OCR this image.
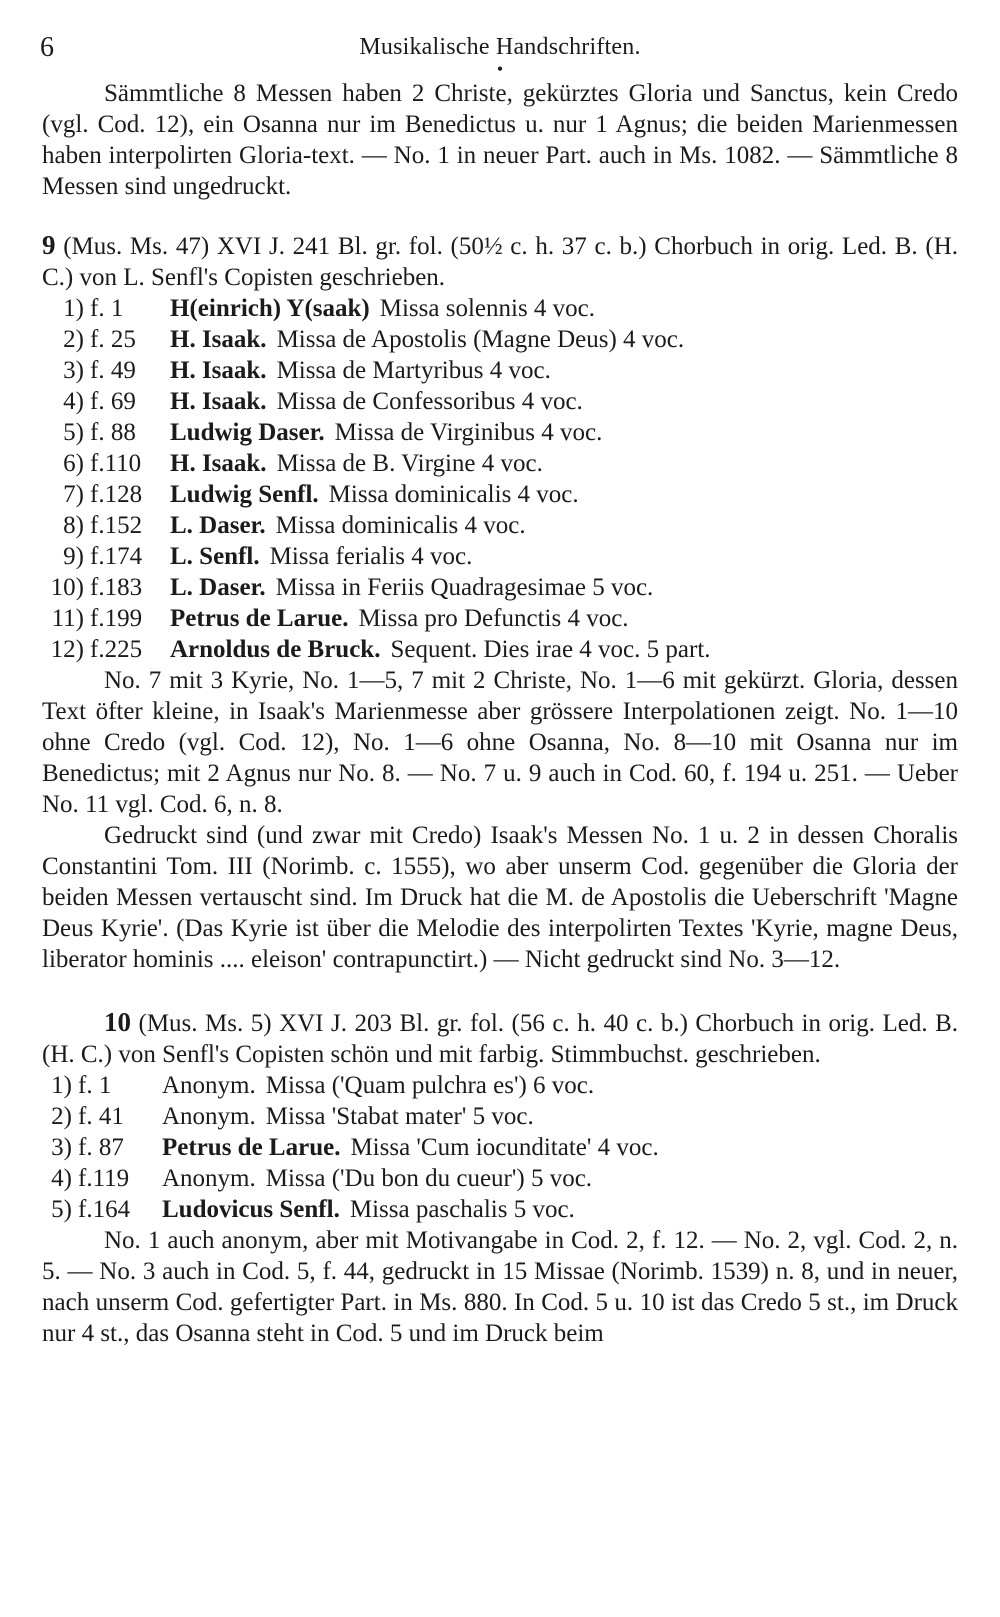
6	Musikalische Handschriften.
•

Sämmtliche 8 Messen haben 2 Christe, gekürztes Gloria und Sanctus, kein Credo (vgl. Cod. 12), ein Osanna nur im Benedictus u. nur 1 Agnus; die beiden Marienmessen haben interpolirten Gloria-text. — No. 1 in neuer Part. auch in Ms. 1082. — Sämmtliche 8 Messen sind ungedruckt.

9 (Mus. Ms. 47) XVI J. 241 Bl. gr. fol. (50½ c. h. 37 c. b.) Chorbuch in orig. Led. B. (H. C.) von L. Senfl's Copisten geschrieben.

1) f. 1	H(einrich) Y(saak) Missa solennis 4 voc.
2) f. 25	H. Isaak. Missa de Apostolis (Magne Deus) 4 voc.
3) f. 49	H. Isaak. Missa de Martyribus 4 voc.
4) f. 69	H. Isaak. Missa de Confessoribus 4 voc.
5) f. 88	Ludwig Daser. Missa de Virginibus 4 voc.
6) f.110	H. Isaak. Missa de B. Virgine 4 voc.
7) f.128	Ludwig Senfl. Missa dominicalis 4 voc.
8) f.152	L. Daser. Missa dominicalis 4 voc.
9) f.174	L. Senfl. Missa ferialis 4 voc.
10) f.183	L. Daser. Missa in Feriis Quadragesimae 5 voc.
11) f.199	Petrus de Larue. Missa pro Defunctis 4 voc.
12) f.225	Arnoldus de Bruck. Sequent. Dies irae 4 voc. 5 part.

No. 7 mit 3 Kyrie, No. 1—5, 7 mit 2 Christe, No. 1—6 mit gekürzt. Gloria, dessen Text öfter kleine, in Isaak's Marienmesse aber grössere Interpolationen zeigt. No. 1—10 ohne Credo (vgl. Cod. 12), No. 1—6 ohne Osanna, No. 8—10 mit Osanna nur im Benedictus; mit 2 Agnus nur No. 8. — No. 7 u. 9 auch in Cod. 60, f. 194 u. 251. — Ueber No. 11 vgl. Cod. 6, n. 8.

Gedruckt sind (und zwar mit Credo) Isaak's Messen No. 1 u. 2 in dessen Choralis Constantini Tom. III (Norimb. c. 1555), wo aber unserm Cod. gegenüber die Gloria der beiden Messen vertauscht sind. Im Druck hat die M. de Apostolis die Ueberschrift 'Magne Deus Kyrie'. (Das Kyrie ist über die Melodie des interpolirten Textes 'Kyrie, magne Deus, liberator hominis .... eleison' contrapunctirt.) — Nicht gedruckt sind No. 3—12.

10 (Mus. Ms. 5) XVI J. 203 Bl. gr. fol. (56 c. h. 40 c. b.) Chorbuch in orig. Led. B. (H. C.) von Senfl's Copisten schön und mit farbig. Stimmbuchst. geschrieben.

1) f. 1	Anonym. Missa ('Quam pulchra es') 6 voc.
2) f. 41	Anonym. Missa 'Stabat mater' 5 voc.
3) f. 87	Petrus de Larue. Missa 'Cum iocunditate' 4 voc.
4) f.119	Anonym. Missa ('Du bon du cueur') 5 voc.
5) f.164	Ludovicus Senfl. Missa paschalis 5 voc.

No. 1 auch anonym, aber mit Motivangabe in Cod. 2, f. 12. — No. 2, vgl. Cod. 2, n. 5. — No. 3 auch in Cod. 5, f. 44, gedruckt in 15 Missae (Norimb. 1539) n. 8, und in neuer, nach unserm Cod. gefertigter Part. in Ms. 880. In Cod. 5 u. 10 ist das Credo 5 st., im Druck nur 4 st., das Osanna steht in Cod. 5 und im Druck beim
